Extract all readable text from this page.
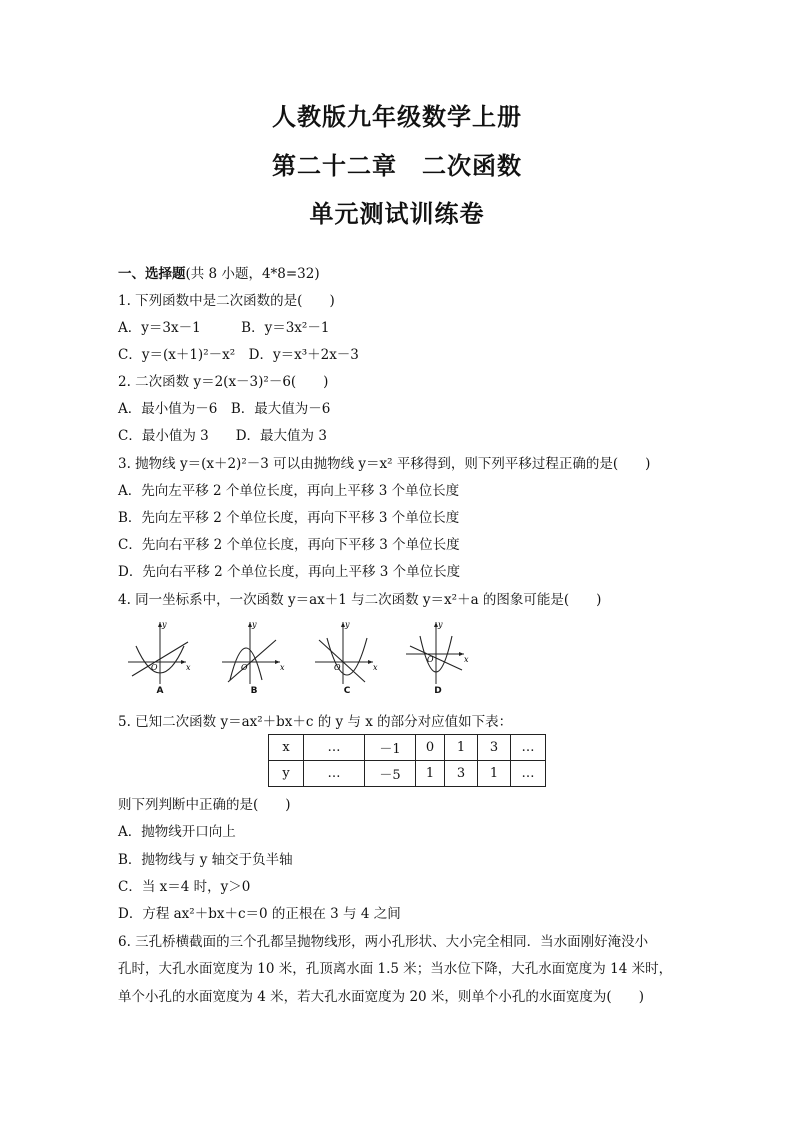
人教版九年级数学上册
第二十二章　二次函数
单元测试训练卷
一、选择题(共 8 小题，4*8=32)
1. 下列函数中是二次函数的是(　　)
A．y＝3x－1　　　B．y＝3x²－1
C．y＝(x＋1)²－x²　D．y＝x³＋2x－3
2. 二次函数 y＝2(x－3)²－6(　　)
A．最小值为－6　B．最大值为－6
C．最小值为 3　　D．最大值为 3
3. 抛物线 y＝(x＋2)²－3 可以由抛物线 y＝x² 平移得到，则下列平移过程正确的是(　　)
A．先向左平移 2 个单位长度，再向上平移 3 个单位长度
B．先向左平移 2 个单位长度，再向下平移 3 个单位长度
C．先向右平移 2 个单位长度，再向下平移 3 个单位长度
D．先向右平移 2 个单位长度，再向上平移 3 个单位长度
4. 同一坐标系中，一次函数 y＝ax＋1 与二次函数 y＝x²＋a 的图象可能是(　　)
y
x
O
A
y
x
O
B
y
x
O
C
y
x
O
D
5. 已知二次函数 y＝ax²＋bx＋c 的 y 与 x 的部分对应值如下表：
x	…	－1	0	1	3	…
y	…	－5	1	3	1	…
则下列判断中正确的是(　　)
A．抛物线开口向上
B．抛物线与 y 轴交于负半轴
C．当 x＝4 时，y＞0
D．方程 ax²＋bx＋c＝0 的正根在 3 与 4 之间
6. 三孔桥横截面的三个孔都呈抛物线形，两小孔形状、大小完全相同．当水面刚好淹没小
孔时，大孔水面宽度为 10 米，孔顶离水面 1.5 米；当水位下降，大孔水面宽度为 14 米时，
单个小孔的水面宽度为 4 米，若大孔水面宽度为 20 米，则单个小孔的水面宽度为(　　)
